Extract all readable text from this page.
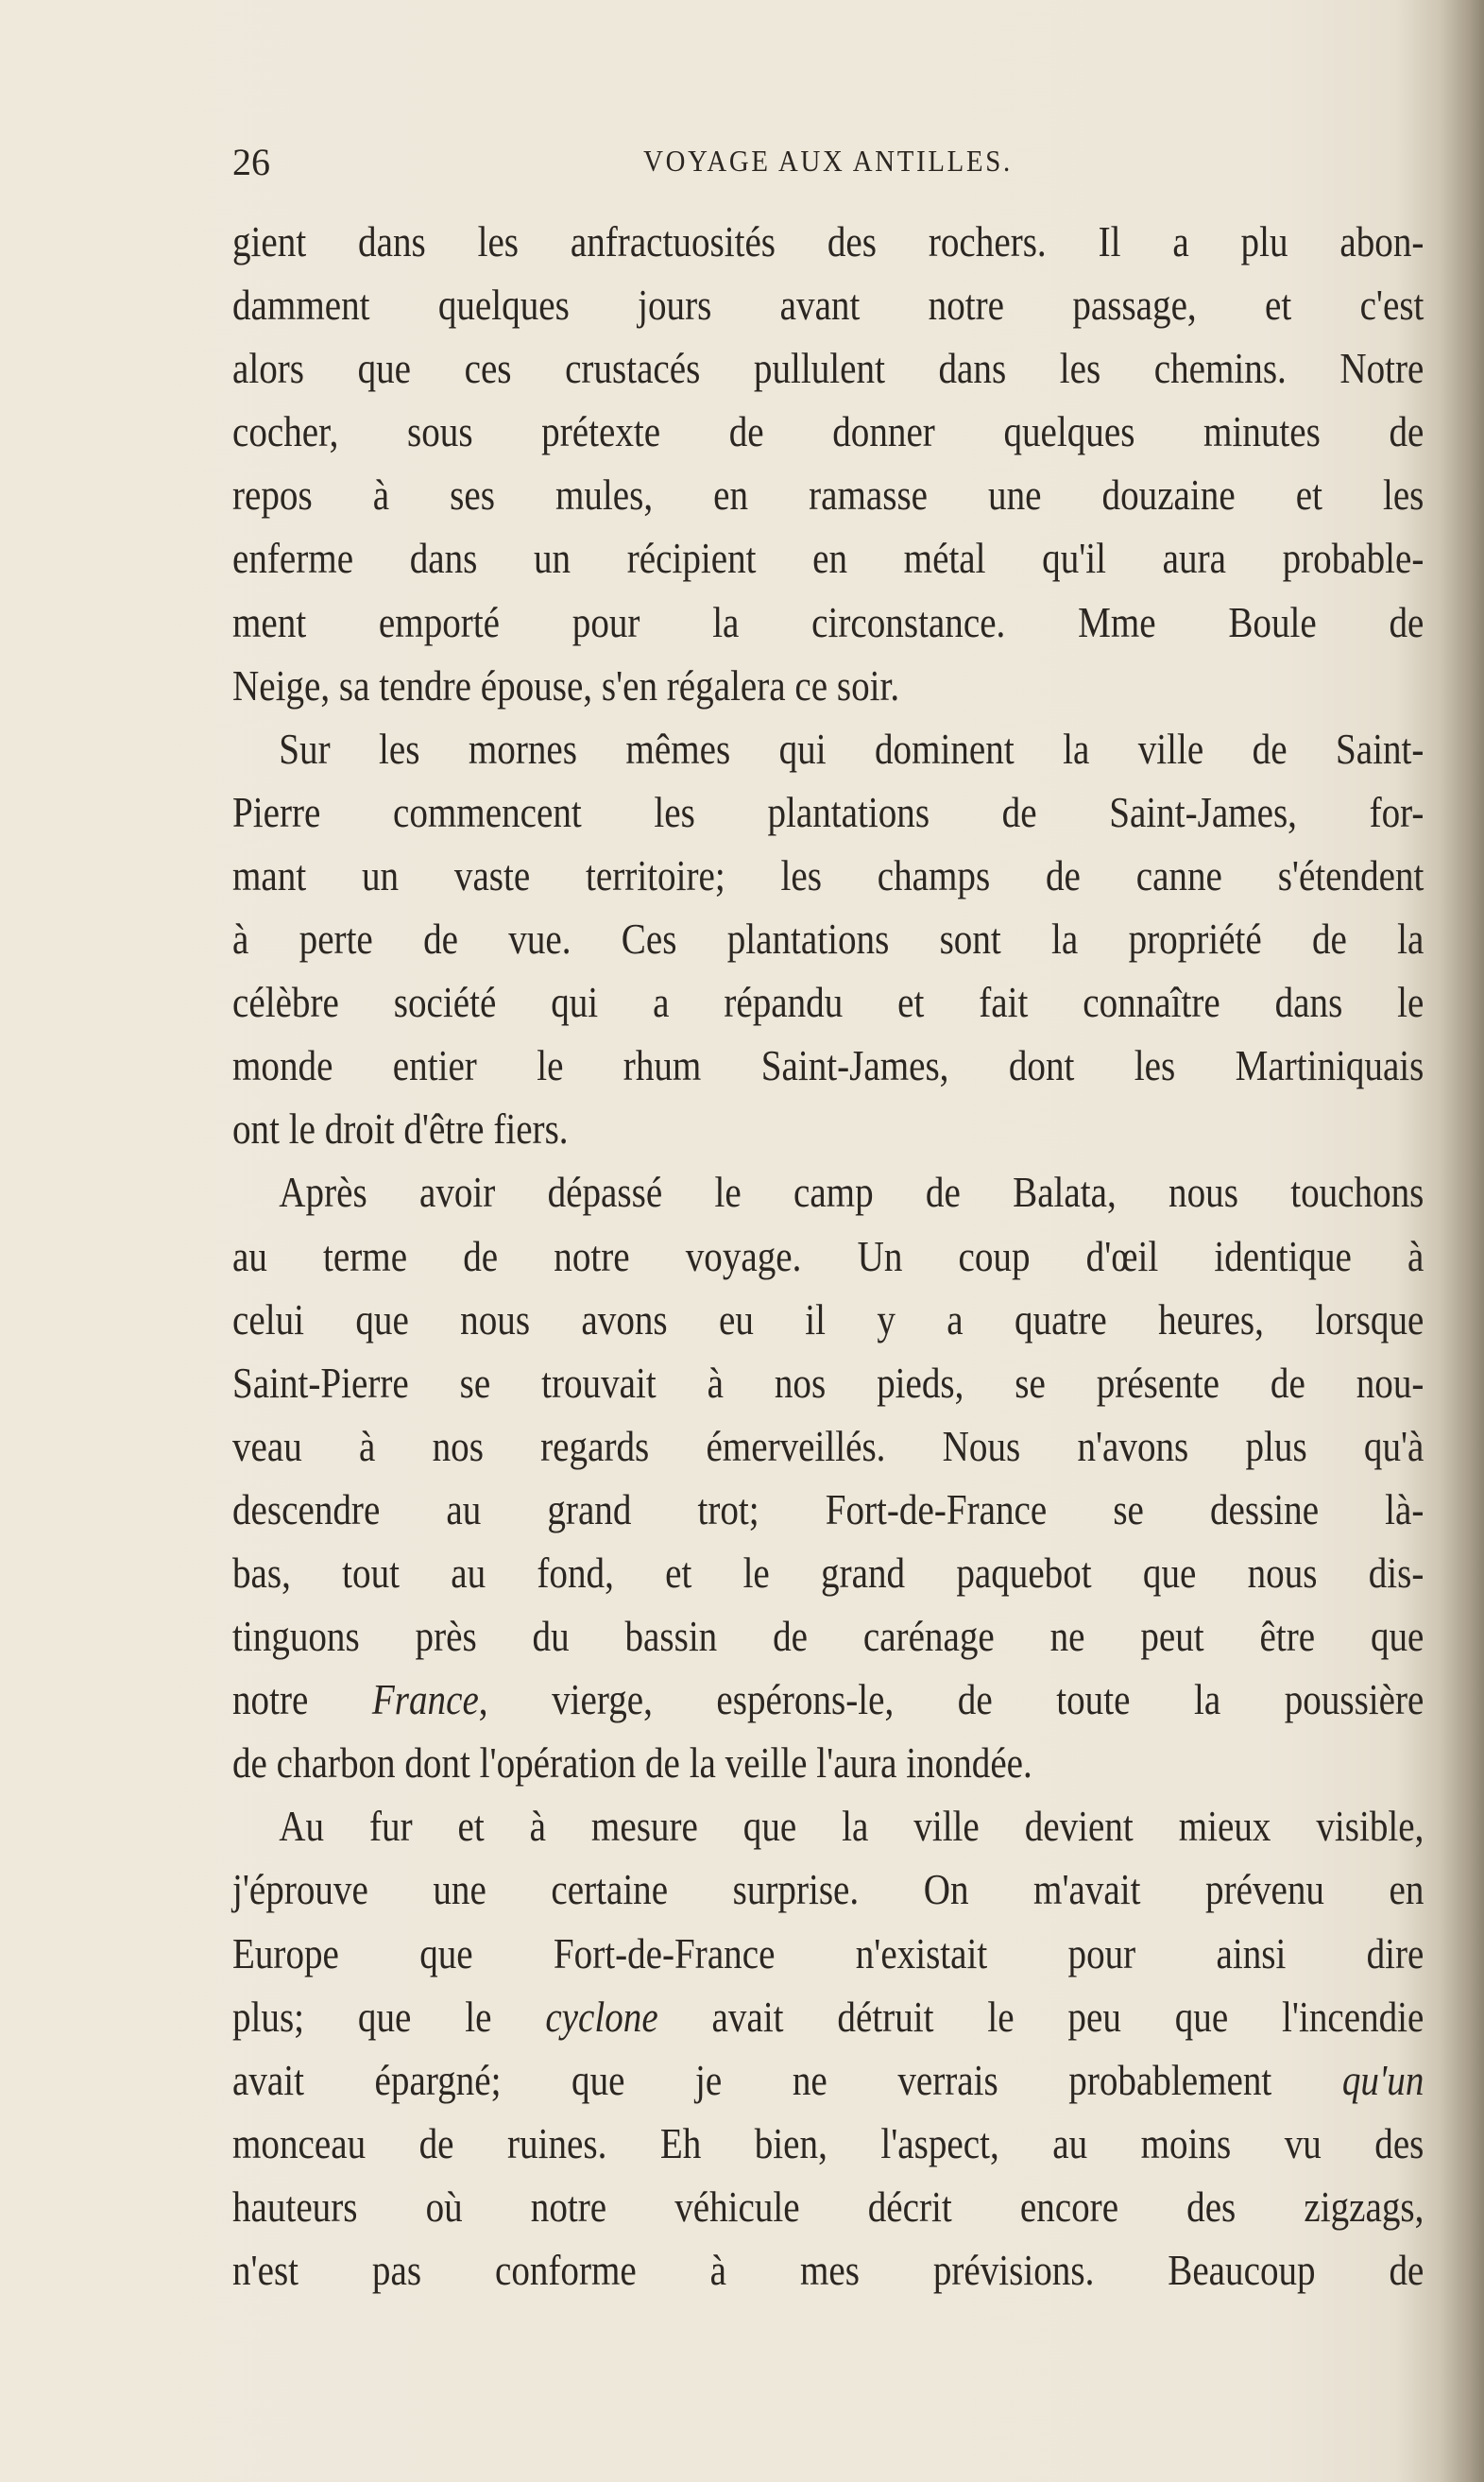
26	VOYAGE AUX ANTILLES.
gient dans les anfractuosités des rochers. Il a plu abon-
damment quelques jours avant notre passage, et c'est
alors que ces crustacés pullulent dans les chemins. Notre
cocher, sous prétexte de donner quelques minutes de
repos à ses mules, en ramasse une douzaine et les
enferme dans un récipient en métal qu'il aura probable-
ment emporté pour la circonstance. Mme Boule de
Neige, sa tendre épouse, s'en régalera ce soir.
Sur les mornes mêmes qui dominent la ville de Saint-
Pierre commencent les plantations de Saint-James, for-
mant un vaste territoire; les champs de canne s'étendent
à perte de vue. Ces plantations sont la propriété de la
célèbre société qui a répandu et fait connaître dans le
monde entier le rhum Saint-James, dont les Martiniquais
ont le droit d'être fiers.
Après avoir dépassé le camp de Balata, nous touchons
au terme de notre voyage. Un coup d'œil identique à
celui que nous avons eu il y a quatre heures, lorsque
Saint-Pierre se trouvait à nos pieds, se présente de nou-
veau à nos regards émerveillés. Nous n'avons plus qu'à
descendre au grand trot; Fort-de-France se dessine là-
bas, tout au fond, et le grand paquebot que nous dis-
tinguons près du bassin de carénage ne peut être que
notre France, vierge, espérons-le, de toute la poussière
de charbon dont l'opération de la veille l'aura inondée.
Au fur et à mesure que la ville devient mieux visible,
j'éprouve une certaine surprise. On m'avait prévenu en
Europe que Fort-de-France n'existait pour ainsi dire
plus; que le cyclone avait détruit le peu que l'incendie
avait épargné; que je ne verrais probablement qu'un
monceau de ruines. Eh bien, l'aspect, au moins vu des
hauteurs où notre véhicule décrit encore des zigzags,
n'est pas conforme à mes prévisions. Beaucoup de
